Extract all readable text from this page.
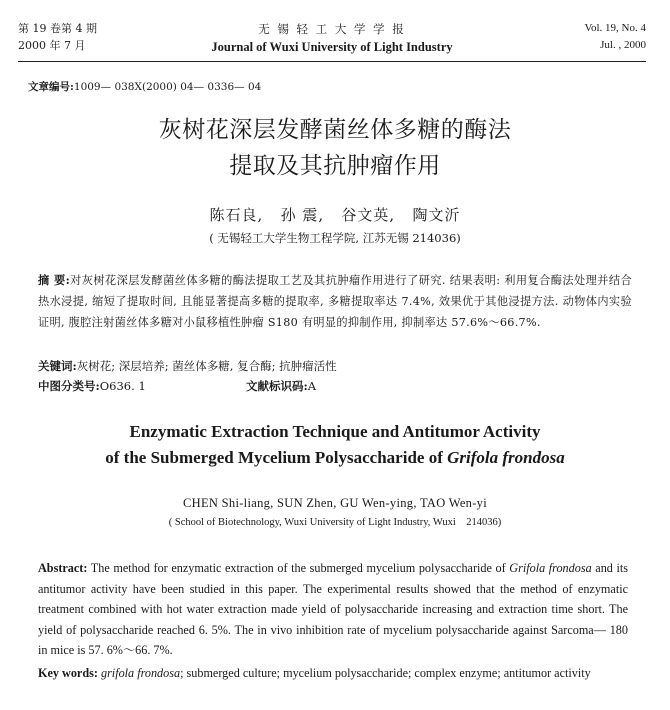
第 19 卷第 4 期
2000 年 7 月
无 锡 轻 工 大 学 学 报
Journal of Wuxi University of Light Industry
Vol. 19, No. 4
Jul. , 2000
文章编号:1009— 038X(2000) 04— 0336— 04
灰树花深层发酵菌丝体多糖的酶法
提取及其抗肿瘤作用
陈石良,   孙 震,   谷文英,   陶文沂
( 无锡轻工大学生物工程学院, 江苏无锡 214036)
摘 要:对灰树花深层发酵菌丝体多糖的酶法提取工艺及其抗肿瘤作用进行了研究. 结果表明: 利用复合酶法处理并结合热水浸提, 缩短了提取时间, 且能显著提高多糖的提取率, 多糖提取率达 7.4%, 效果优于其他浸提方法. 动物体内实验证明, 腹腔注射菌丝体多糖对小鼠移植性肿瘤 S180 有明显的抑制作用, 抑制率达 57.6%～66.7%.
关键词:灰树花; 深层培养; 菌丝体多糖, 复合酶; 抗肿瘤活性
中图分类号:O636. 1	文献标识码:A
Enzymatic Extraction Technique and Antitumor Activity
of the Submerged Mycelium Polysaccharide of Grifola frondosa
CHEN Shi-liang, SUN Zhen, GU Wen-ying, TAO Wen-yi
( School of Biotechnology, Wuxi University of Light Industry, Wuxi    214036)
Abstract: The method for enzymatic extraction of the submerged mycelium polysaccharide of Grifola frondosa and its antitumor activity have been studied in this paper. The experimental results showed that the method of enzymatic treatment combined with hot water extraction made yield of polysaccharide increasing and extraction time short. The yield of polysaccharide reached 6. 5%. The in vivo inhibition rate of mycelium polysaccharide against Sarcoma— 180 in mice is 57. 6%～66. 7%.
Key words: grifola frondosa; submerged culture; mycelium polysaccharide; complex enzyme; antitumor activity
